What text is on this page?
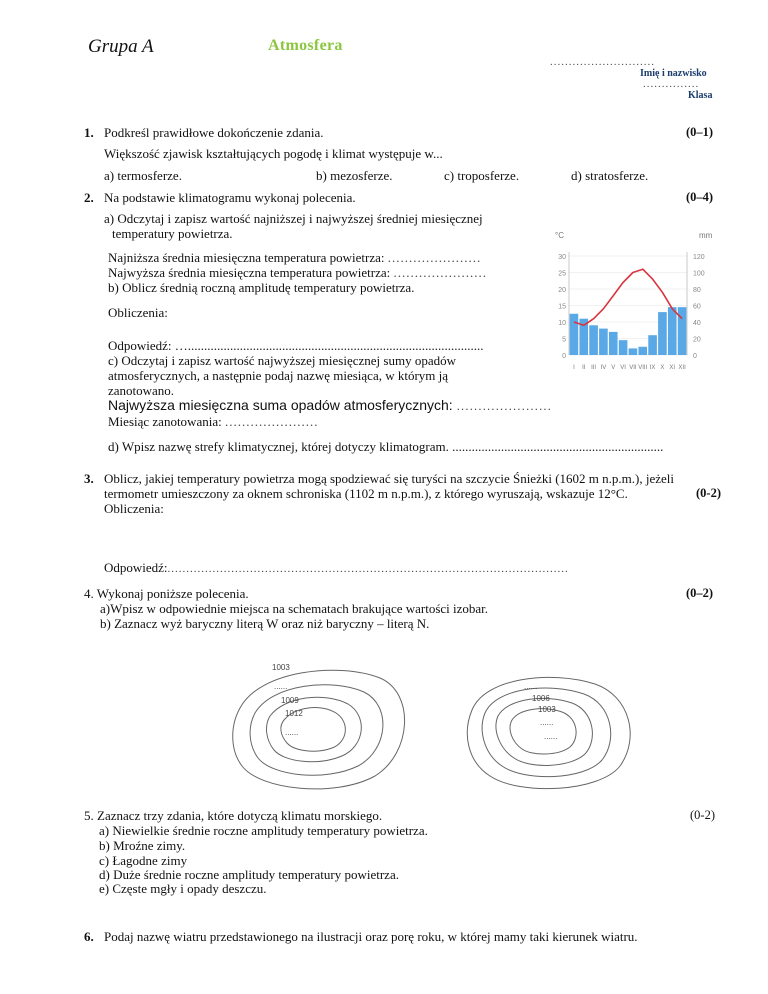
Grupa A	Atmosfera
............................
Imię i nazwisko
...............
Klasa
1. Podkreśl prawidłowe dokończenie zdania.	(0–1)
Większość zjawisk kształtujących pogodę i klimat występuje w...
a) termosferze.	b) mezosferze.	c) troposferze.	d) stratosferze.
2. Na podstawie klimatogramu wykonaj polecenia.	(0–4)
a) Odczytaj i zapisz wartość najniższej i najwyższej średniej miesięcznej
temperatury powietrza.
Najniższa średnia miesięczna temperatura powietrza: ......................
Najwyższa średnia miesięczna temperatura powietrza: ......................
b) Oblicz średnią roczną amplitudę temperatury powietrza.
Obliczenia:
Odpowiedź: …...........................................................................................
c) Odczytaj i zapisz wartość najwyższej miesięcznej sumy opadów
atmosferycznych, a następnie podaj nazwę miesiąca, w którym ją
zanotowano.
Najwyższa miesięczna suma opadów atmosferycznych: ......................
Miesiąc zanotowania: ......................
d) Wpisz nazwę strefy klimatycznej, której dotyczy klimatogram. .................................................................
°C	mm
30
25
20
15
10
5
0
120
100
80
60
40
20
0
I II III IV V VI VII VIII IX X XI XII
3. Oblicz, jakiej temperatury powietrza mogą spodziewać się turyści na szczycie Śnieżki (1602 m n.p.m.), jeżeli
termometr umieszczony za oknem schroniska (1102 m n.p.m.), z którego wyruszają, wskazuje 12°C.	(0-2)
Obliczenia:
Odpowiedź:...........................................................................................................
4. Wykonaj poniższe polecenia.	(0–2)
a)Wpisz w odpowiednie miejsca na schematach brakujące wartości izobar.
b) Zaznacz wyż baryczny literą W oraz niż baryczny – literą N.
1003
......
1009
1012
......
......
1006
1003
......
......
5. Zaznacz trzy zdania, które dotyczą klimatu morskiego.	(0-2)
a) Niewielkie średnie roczne amplitudy temperatury powietrza.
b) Mroźne zimy.
c) Łagodne zimy
d) Duże średnie roczne amplitudy temperatury powietrza.
e) Częste mgły i opady deszczu.
6. Podaj nazwę wiatru przedstawionego na ilustracji oraz porę roku, w której mamy taki kierunek wiatru.
